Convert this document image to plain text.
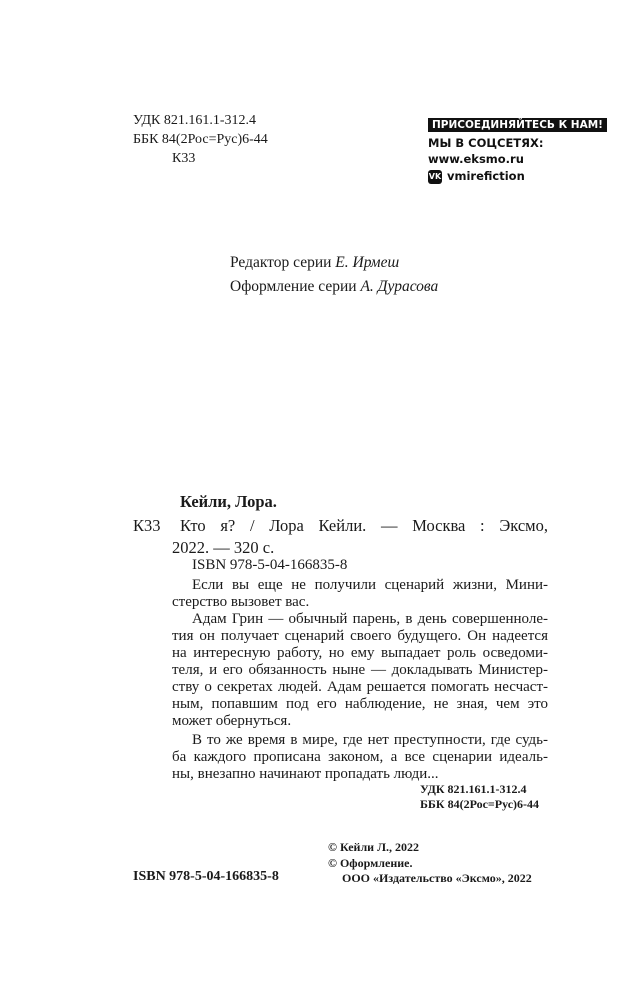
УДК 821.161.1-312.4
ББК 84(2Рос=Рус)6-44
К33
ПРИСОЕДИНЯЙТЕСЬ К НАМ!
МЫ В СОЦСЕТЯХ:
www.eksmo.ru
VK vmirefiction
Редактор серии Е. Ирмеш
Оформление серии А. Дурасова
Кейли, Лора.
К33 Кто я? / Лора Кейли. — Москва : Эксмо,
2022. — 320 с.
ISBN 978-5-04-166835-8
Если вы еще не получили сценарий жизни, Мини-
стерство вызовет вас.
Адам Грин — обычный парень, в день совершенноле-
тия он получает сценарий своего будущего. Он надеется
на интересную работу, но ему выпадает роль осведоми-
теля, и его обязанность ныне — докладывать Министер-
ству о секретах людей. Адам решается помогать несчаст-
ным, попавшим под его наблюдение, не зная, чем это
может обернуться.
В то же время в мире, где нет преступности, где судь-
ба каждого прописана законом, а все сценарии идеаль-
ны, внезапно начинают пропадать люди...
УДК 821.161.1-312.4
ББК 84(2Рос=Рус)6-44
© Кейли Л., 2022
© Оформление.
ООО «Издательство «Эксмо», 2022
ISBN 978-5-04-166835-8
